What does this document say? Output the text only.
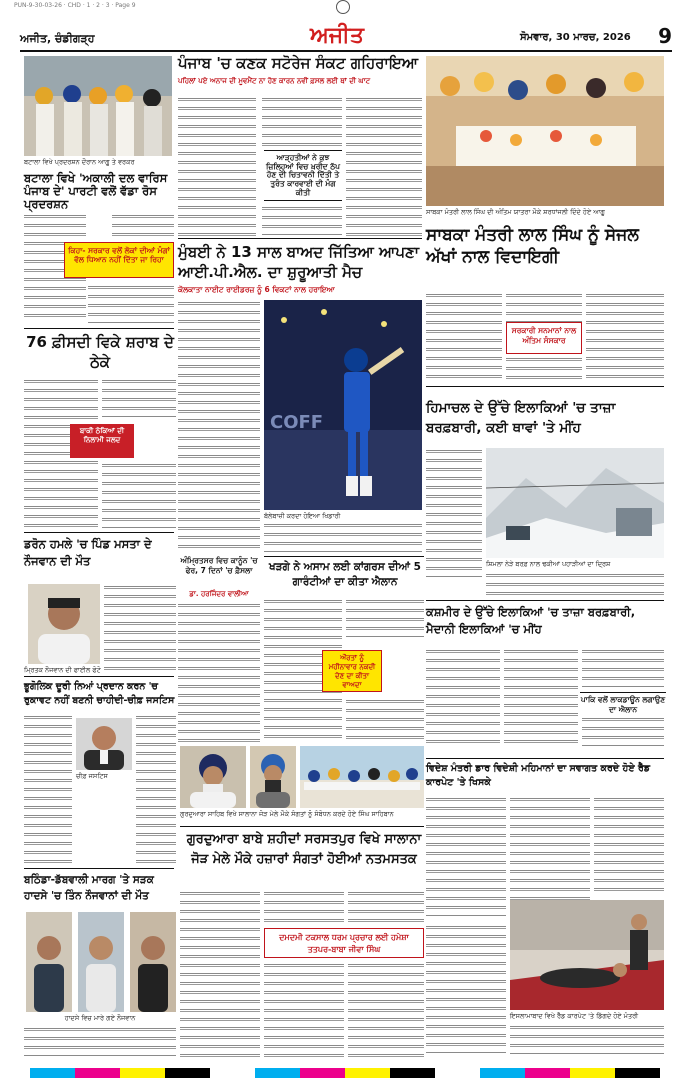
PUN-9-30-03-26 · CHD · 1 · 2 · 3 · Page 9
ਅਜੀਤ, ਚੰਡੀਗੜ੍ਹ	ਅਜੀਤ	ਸੋਮਵਾਰ, 30 ਮਾਰਚ, 2026 9
ਬਟਾਲਾ ਵਿਖੇ ਪ੍ਰਦਰਸ਼ਨ ਦੌਰਾਨ ਆਗੂ ਤੇ ਵਰਕਰ
ਬਟਾਲਾ ਵਿਖੇ 'ਅਕਾਲੀ ਦਲ ਵਾਰਿਸ ਪੰਜਾਬ ਦੇ' ਪਾਰਟੀ ਵਲੋਂ ਵੱਡਾ ਰੋਸ ਪ੍ਰਦਰਸ਼ਨ
ਕਿਹਾ- ਸਰਕਾਰ ਵਲੋਂ ਲੋਕਾਂ ਦੀਆਂ ਮੰਗਾਂ ਵੱਲ ਧਿਆਨ ਨਹੀਂ ਦਿੱਤਾ ਜਾ ਰਿਹਾ
ਪੰਜਾਬ 'ਚ ਕਣਕ ਸਟੋਰੇਜ ਸੰਕਟ ਗਹਿਰਾਇਆ
ਪਹਿਲਾਂ ਪਏ ਅਨਾਜ ਦੀ ਮੂਵਮੈਂਟ ਨਾ ਹੋਣ ਕਾਰਨ ਨਵੀਂ ਫ਼ਸਲ ਲਈ ਥਾਂ ਦੀ ਘਾਟ
ਆੜ੍ਹਤੀਆਂ ਨੇ ਕੁਝ ਜ਼ਿਲ੍ਹਿਆਂ ਵਿਚ ਖ਼ਰੀਦ ਠੱਪ ਹੋਣ ਦੀ ਚਿਤਾਵਨੀ ਦਿੱਤੀ ਤੇ ਤੁਰੰਤ ਕਾਰਵਾਈ ਦੀ ਮੰਗ ਕੀਤੀ
ਸਾਬਕਾ ਮੰਤਰੀ ਲਾਲ ਸਿੰਘ ਦੀ ਅੰਤਿਮ ਯਾਤਰਾ ਮੌਕੇ ਸ਼ਰਧਾਂਜਲੀ ਦਿੰਦੇ ਹੋਏ ਆਗੂ
ਸਾਬਕਾ ਮੰਤਰੀ ਲਾਲ ਸਿੰਘ ਨੂੰ ਸੇਜਲ ਅੱਖਾਂ ਨਾਲ ਵਿਦਾਇਗੀ
ਸਰਕਾਰੀ ਸਨਮਾਨਾਂ ਨਾਲ ਅੰਤਿਮ ਸੰਸਕਾਰ
76 ਫ਼ੀਸਦੀ ਵਿਕੇ ਸ਼ਰਾਬ ਦੇ ਠੇਕੇ
ਬਾਕੀ ਠੇਕਿਆਂ ਦੀ ਨਿਲਾਮੀ ਜਲਦ
ਮੁੰਬਈ ਨੇ 13 ਸਾਲ ਬਾਅਦ ਜਿੱਤਿਆ ਆਪਣਾ ਆਈ.ਪੀ.ਐਲ. ਦਾ ਸ਼ੁਰੂਆਤੀ ਮੈਚ
ਕੋਲਕਾਤਾ ਨਾਈਟ ਰਾਈਡਰਜ਼ ਨੂੰ 6 ਵਿਕਟਾਂ ਨਾਲ ਹਰਾਇਆ
COFF
ਬੱਲੇਬਾਜ਼ੀ ਕਰਦਾ ਹੋਇਆ ਖਿਡਾਰੀ
ਹਿਮਾਚਲ ਦੇ ਉੱਚੇ ਇਲਾਕਿਆਂ 'ਚ ਤਾਜ਼ਾ ਬਰਫ਼ਬਾਰੀ, ਕਈ ਥਾਵਾਂ 'ਤੇ ਮੀਂਹ
ਸ਼ਿਮਲਾ ਨੇੜੇ ਬਰਫ਼ ਨਾਲ ਢਕੀਆਂ ਪਹਾੜੀਆਂ ਦਾ ਦ੍ਰਿਸ਼
ਡਰੋਨ ਹਮਲੇ 'ਚ ਪਿੰਡ ਮਸਤਾ ਦੇ ਨੌਜਵਾਨ ਦੀ ਮੌਤ
ਮ੍ਰਿਤਕ ਨੌਜਵਾਨ ਦੀ ਫਾਈਲ ਫੋਟੋ
ਅੰਮ੍ਰਿਤਸਰ ਵਿਚ ਕਾਨੂੰਨ 'ਚ ਫੇਰ, 7 ਦਿਨਾਂ 'ਚ ਫ਼ੈਸਲਾ
ਡਾ. ਹਰਜਿੰਦਰ ਵਾਲੀਆ
ਖੜਗੇ ਨੇ ਅਸਾਮ ਲਈ ਕਾਂਗਰਸ ਦੀਆਂ 5 ਗਾਰੰਟੀਆਂ ਦਾ ਕੀਤਾ ਐਲਾਨ
ਔਰਤਾਂ ਨੂੰ ਮਹੀਨਾਵਾਰ ਨਕਦੀ ਦੇਣ ਦਾ ਕੀਤਾ ਵਾਅਦਾ
ਕਸ਼ਮੀਰ ਦੇ ਉੱਚੇ ਇਲਾਕਿਆਂ 'ਚ ਤਾਜ਼ਾ ਬਰਫ਼ਬਾਰੀ, ਮੈਦਾਨੀ ਇਲਾਕਿਆਂ 'ਚ ਮੀਂਹ
ਪਾਕਿ ਵਲੋਂ ਲਾਕਡਾਊਨ ਲਗਾਉਣ ਦਾ ਐਲਾਨ
ਭੂਗੋਲਿਕ ਦੂਰੀ ਨਿਆਂ ਪ੍ਰਦਾਨ ਕਰਨ 'ਚ ਰੁਕਾਵਟ ਨਹੀਂ ਬਣਨੀ ਚਾਹੀਦੀ-ਚੀਫ਼ ਜਸਟਿਸ
ਚੀਫ਼ ਜਸਟਿਸ
ਗੁਰਦੁਆਰਾ ਸਾਹਿਬ ਵਿਖੇ ਸਾਲਾਨਾ ਜੋੜ ਮੇਲੇ ਮੌਕੇ ਸੰਗਤਾਂ ਨੂੰ ਸੰਬੋਧਨ ਕਰਦੇ ਹੋਏ ਸਿੰਘ ਸਾਹਿਬਾਨ
ਬਠਿੰਡਾ-ਡੱਬਵਾਲੀ ਮਾਰਗ 'ਤੇ ਸੜਕ ਹਾਦਸੇ 'ਚ ਤਿੰਨ ਨੌਜਵਾਨਾਂ ਦੀ ਮੌਤ
ਹਾਦਸੇ ਵਿਚ ਮਾਰੇ ਗਏ ਨੌਜਵਾਨ
ਗੁਰਦੁਆਰਾ ਬਾਬੇ ਸ਼ਹੀਦਾਂ ਸਰਸਤਪੁਰ ਵਿਖੇ ਸਾਲਾਨਾ ਜੋੜ ਮੇਲੇ ਮੌਕੇ ਹਜ਼ਾਰਾਂ ਸੰਗਤਾਂ ਹੋਈਆਂ ਨਤਮਸਤਕ
ਦਮਦਮੀ ਟਕਸਾਲ ਧਰਮ ਪ੍ਰਚਾਰ ਲਈ ਹਮੇਸ਼ਾ ਤਤਪਰ-ਬਾਬਾ ਜੀਵਾ ਸਿੰਘ
ਵਿਦੇਸ਼ ਮੰਤਰੀ ਡਾਰ ਵਿਦੇਸ਼ੀ ਮਹਿਮਾਨਾਂ ਦਾ ਸਵਾਗਤ ਕਰਦੇ ਹੋਏ ਰੈੱਡ ਕਾਰਪੇਟ 'ਤੇ ਖਿਸਕੇ
ਇਸਲਾਮਾਬਾਦ ਵਿਖੇ ਰੈੱਡ ਕਾਰਪੇਟ 'ਤੇ ਡਿੱਗਦੇ ਹੋਏ ਮੰਤਰੀ
